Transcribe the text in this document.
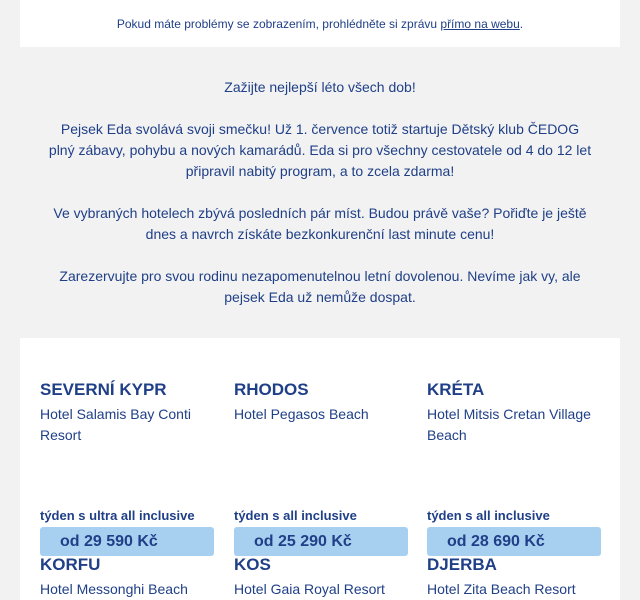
Pokud máte problémy se zobrazením, prohlédněte si zprávu
přímo na webu .

Zažijte nejlepší léto všech dob!

Pejsek Eda svolává svoji smečku! Už 1. července totiž startuje Dětský klub ČEDOG plný zábavy, pohybu a nových kamarádů. Eda si pro všechny cestovatele od 4 do 12 let připravil nabitý program, a to zcela zdarma!

Ve vybraných hotelech zbývá posledních pár míst. Budou právě vaše? Pořiďte je ještě dnes a navrch získáte bezkonkurenční last minute cenu!

Zarezervujte pro svou rodinu nezapomenutelnou letní dovolenou. Nevíme jak vy, ale pejsek Eda už nemůže dospat.

SEVERNÍ KYPR
Hotel Salamis Bay Conti Resort
týden s ultra all inclusive
od 29 590 Kč
RHODOS
Hotel Pegasos Beach
týden s all inclusive
od 25 290 Kč
KRÉTA
Hotel Mitsis Cretan Village Beach
týden s all inclusive
od 28 690 Kč
KORFU
Hotel Messonghi Beach
KOS
Hotel Gaia Royal Resort
DJERBA
Hotel Zita Beach Resort
